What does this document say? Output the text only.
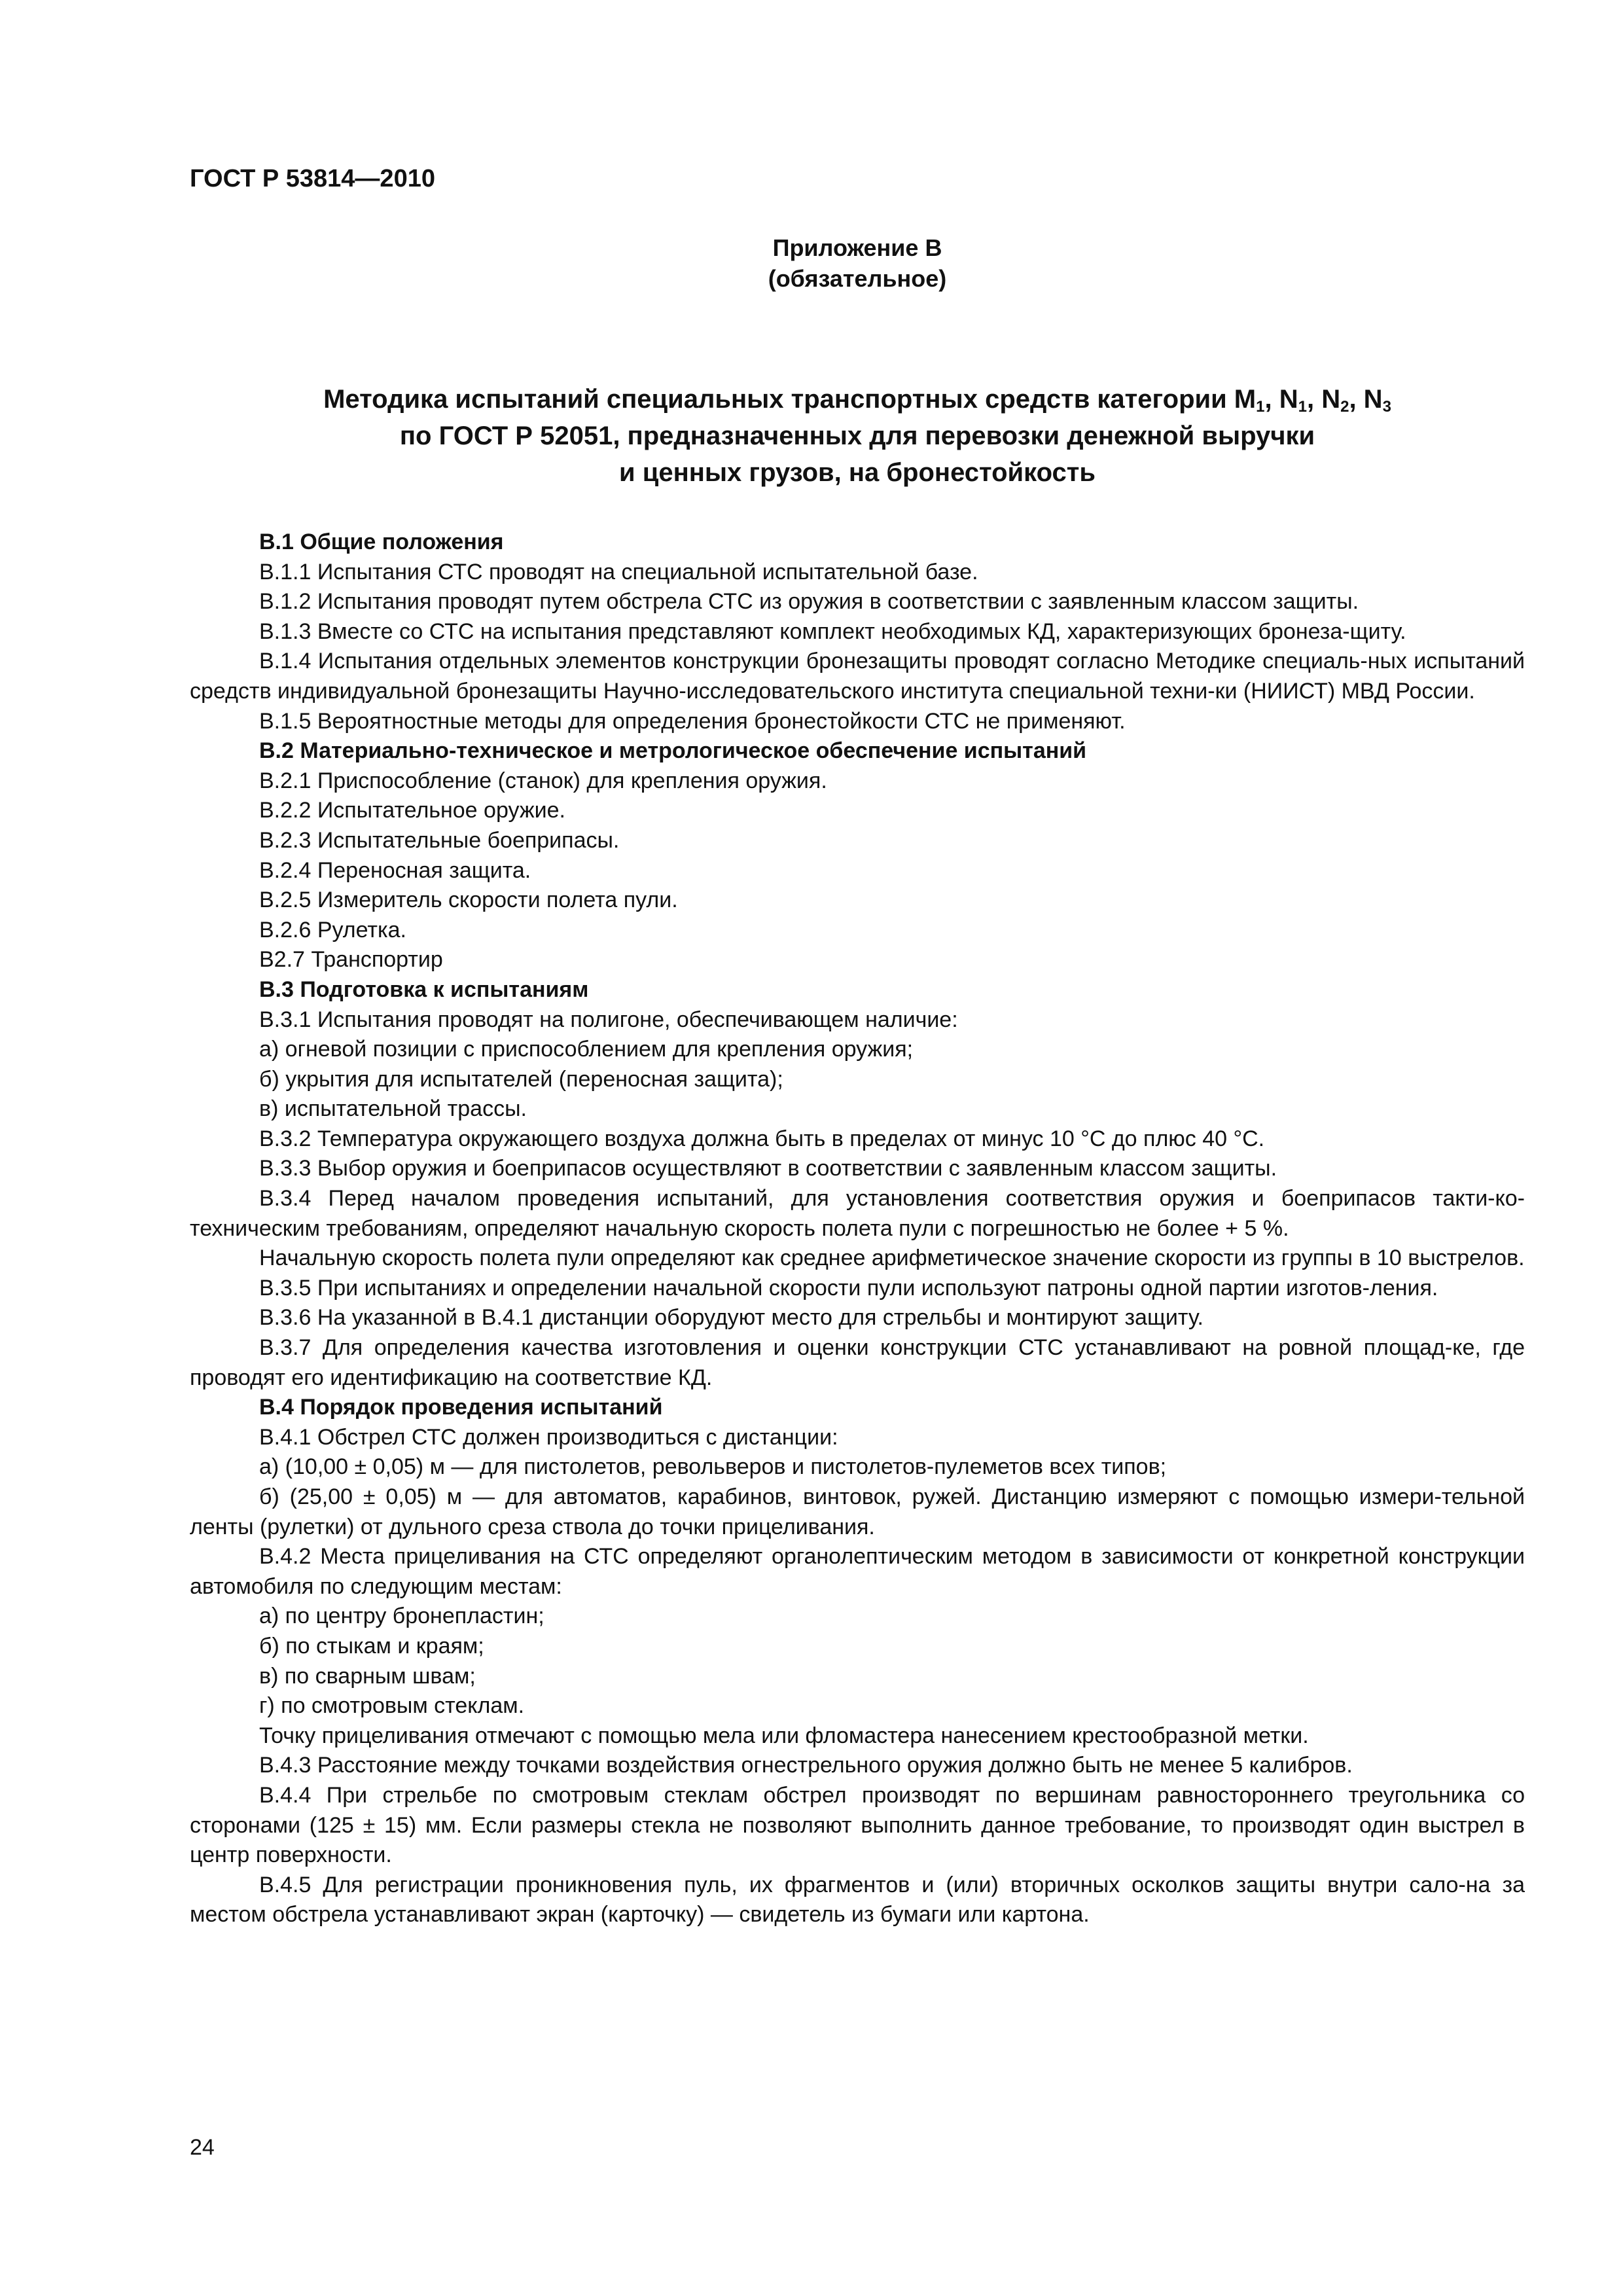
ГОСТ Р 53814—2010
Приложение В
(обязательное)
Методика испытаний специальных транспортных средств категории $M_1$, $N_1$, $N_2$, $N_3$
по ГОСТ Р 52051, предназначенных для перевозки денежной выручки
и ценных грузов, на бронестойкость

В.1 Общие положения

В.1.1 Испытания СТС проводят на специальной испытательной базе.

В.1.2 Испытания проводят путем обстрела СТС из оружия в соответствии с заявленным классом защиты.

В.1.3 Вместе со СТС на испытания представляют комплект необходимых КД, характеризующих бронеза-щиту.

В.1.4 Испытания отдельных элементов конструкции бронезащиты проводят согласно Методике специаль-ных испытаний средств индивидуальной бронезащиты Научно-исследовательского института специальной техни-ки (НИИСТ) МВД России.

В.1.5 Вероятностные методы для определения бронестойкости СТС не применяют.

В.2 Материально-техническое и метрологическое обеспечение испытаний

В.2.1 Приспособление (станок) для крепления оружия.

В.2.2 Испытательное оружие.

В.2.3 Испытательные боеприпасы.

В.2.4 Переносная защита.

В.2.5 Измеритель скорости полета пули.

В.2.6 Рулетка.

В2.7 Транспортир

В.3 Подготовка к испытаниям

В.3.1 Испытания проводят на полигоне, обеспечивающем наличие:

а) огневой позиции с приспособлением для крепления оружия;

б) укрытия для испытателей (переносная защита);

в) испытательной трассы.

В.3.2 Температура окружающего воздуха должна быть в пределах от минус 10 °С до плюс 40 °С.

В.3.3 Выбор оружия и боеприпасов осуществляют в соответствии с заявленным классом защиты.

В.3.4 Перед началом проведения испытаний, для установления соответствия оружия и боеприпасов такти-ко-техническим требованиям, определяют начальную скорость полета пули с погрешностью не более + 5 %.

Начальную скорость полета пули определяют как среднее арифметическое значение скорости из группы в 10 выстрелов.

В.3.5 При испытаниях и определении начальной скорости пули используют патроны одной партии изготов-ления.

В.3.6 На указанной в В.4.1 дистанции оборудуют место для стрельбы и монтируют защиту.

В.3.7 Для определения качества изготовления и оценки конструкции СТС устанавливают на ровной площад-ке, где проводят его идентификацию на соответствие КД.

В.4 Порядок проведения испытаний

В.4.1 Обстрел СТС должен производиться с дистанции:

а) (10,00 ± 0,05) м — для пистолетов, револьверов и пистолетов-пулеметов всех типов;

б) (25,00 ± 0,05) м — для автоматов, карабинов, винтовок, ружей. Дистанцию измеряют с помощью измери-тельной ленты (рулетки) от дульного среза ствола до точки прицеливания.

В.4.2 Места прицеливания на СТС определяют органолептическим методом в зависимости от конкретной конструкции автомобиля по следующим местам:

а) по центру бронепластин;

б) по стыкам и краям;

в) по сварным швам;

г) по смотровым стеклам.

Точку прицеливания отмечают с помощью мела или фломастера нанесением крестообразной метки.

В.4.3 Расстояние между точками воздействия огнестрельного оружия должно быть не менее 5 калибров.

В.4.4 При стрельбе по смотровым стеклам обстрел производят по вершинам равностороннего треугольника со сторонами (125 ± 15) мм. Если размеры стекла не позволяют выполнить данное требование, то производят один выстрел в центр поверхности.

В.4.5 Для регистрации проникновения пуль, их фрагментов и (или) вторичных осколков защиты внутри сало-на за местом обстрела устанавливают экран (карточку) — свидетель из бумаги или картона.

24
